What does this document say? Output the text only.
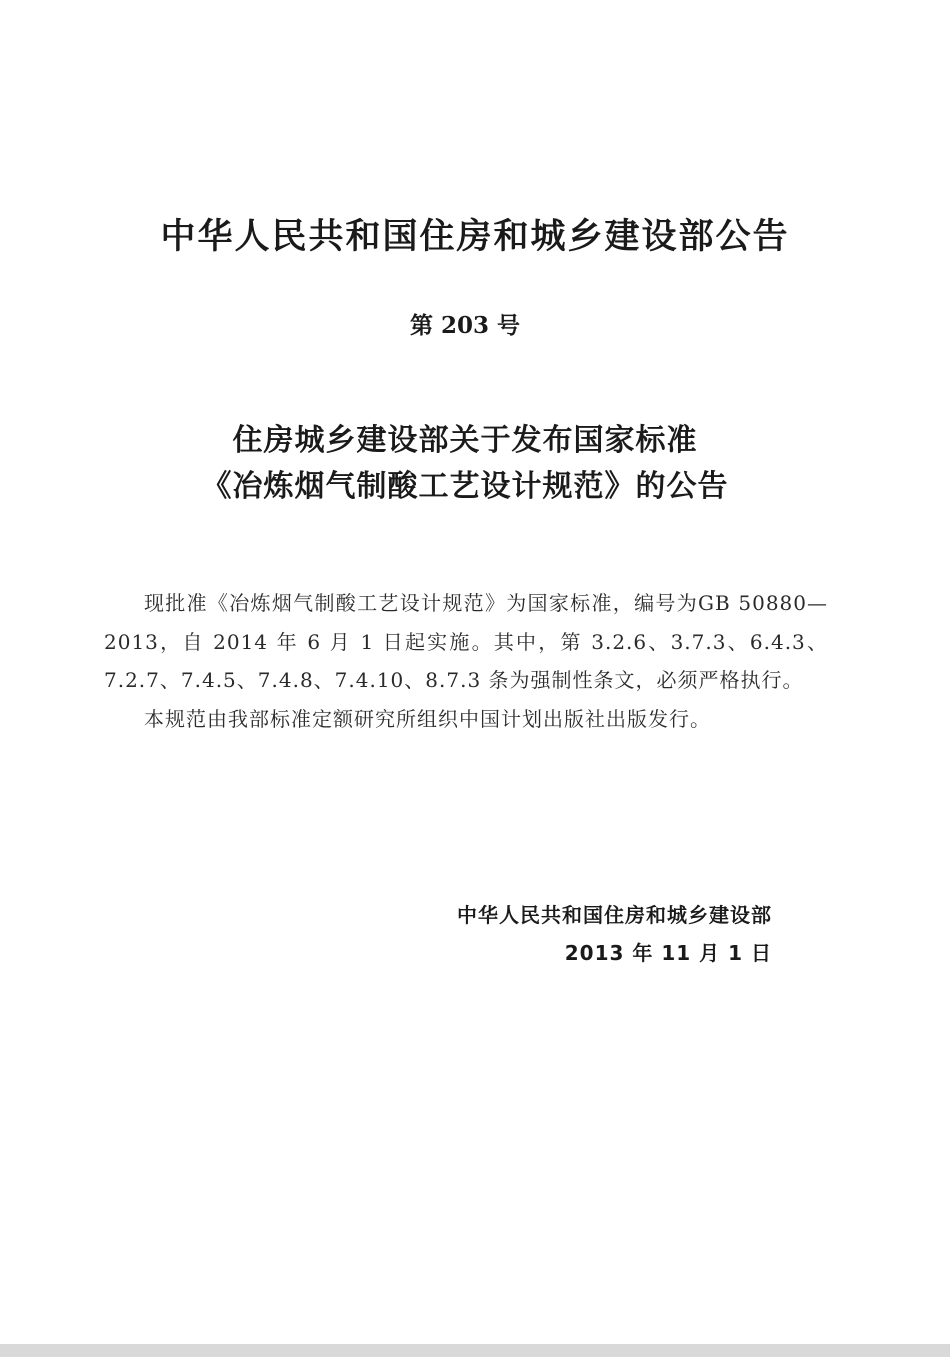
中华人民共和国住房和城乡建设部公告
第 203 号
住房城乡建设部关于发布国家标准
《冶炼烟气制酸工艺设计规范》的公告

现批准《冶炼烟气制酸工艺设计规范》为国家标准，编号为GB 50880—2013，自 2014 年 6 月 1 日起实施。其中，第 3.2.6、3.7.3、6.4.3、7.2.7、7.4.5、7.4.8、7.4.10、8.7.3 条为强制性条文，必须严格执行。

本规范由我部标准定额研究所组织中国计划出版社出版发行。

中华人民共和国住房和城乡建设部
2013 年 11 月 1 日
